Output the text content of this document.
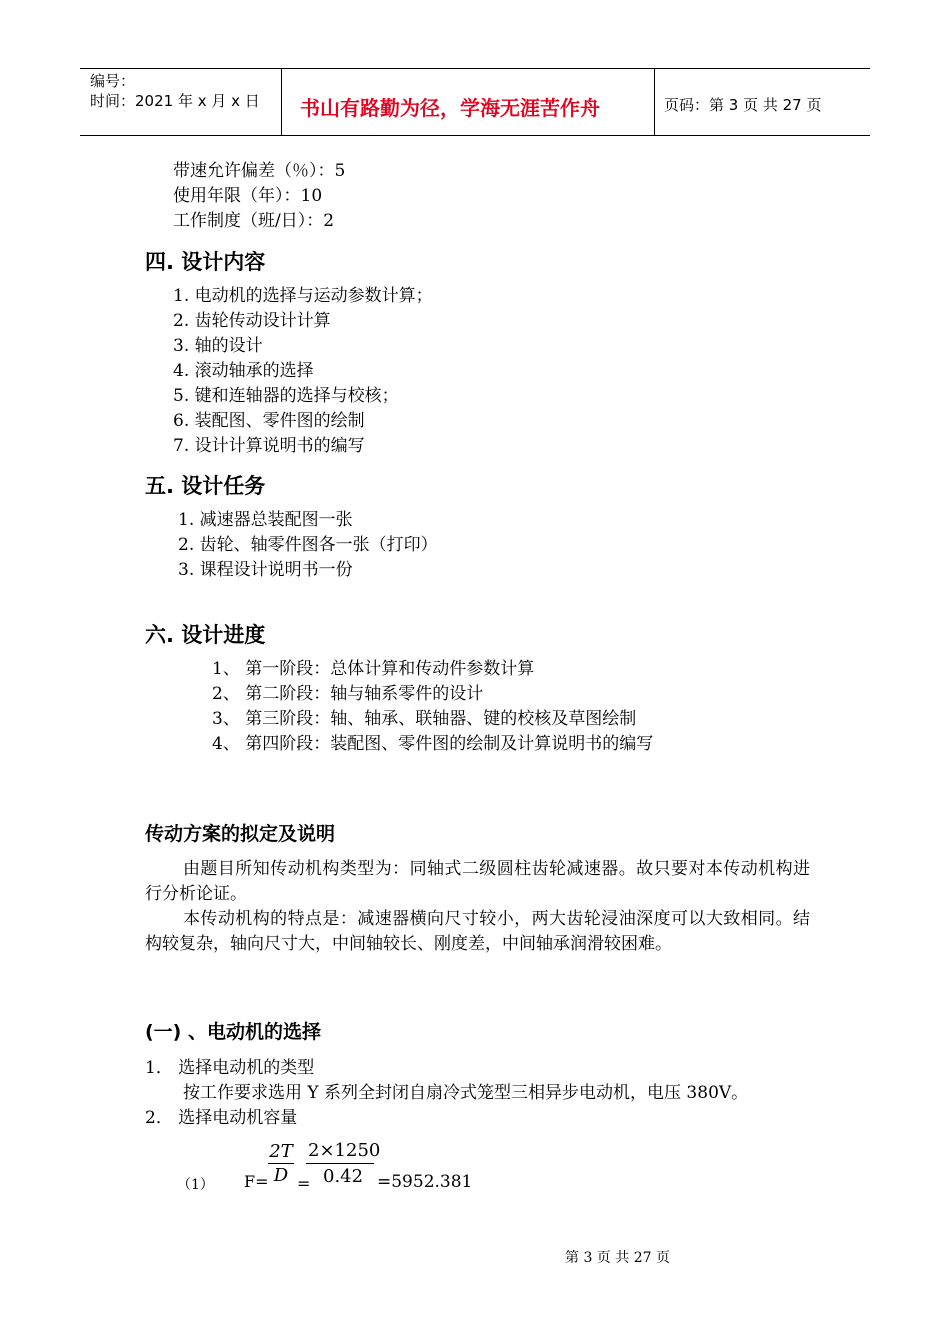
编号：
时间：2021 年 x 月 x 日 书山有路勤为径，学海无涯苦作舟	页码：第 3 页 共 27 页
带速允许偏差（％）：5
使用年限（年）：10
工作制度（班/日）：2
四. 设计内容
1. 电动机的选择与运动参数计算；
2. 齿轮传动设计计算
3. 轴的设计
4. 滚动轴承的选择
5. 键和连轴器的选择与校核；
6. 装配图、零件图的绘制
7. 设计计算说明书的编写
五. 设计任务
1. 减速器总装配图一张
2. 齿轮、轴零件图各一张（打印）
3. 课程设计说明书一份
六. 设计进度
1、 第一阶段：总体计算和传动件参数计算
2、 第二阶段：轴与轴系零件的设计
3、 第三阶段：轴、轴承、联轴器、键的校核及草图绘制
4、 第四阶段：装配图、零件图的绘制及计算说明书的编写
传动方案的拟定及说明
由题目所知传动机构类型为：同轴式二级圆柱齿轮减速器。故只要对本传动机构进行分析论证。
本传动机构的特点是：减速器横向尺寸较小，两大齿轮浸油深度可以大致相同。结构较复杂，轴向尺寸大，中间轴较长、刚度差，中间轴承润滑较困难。
(一) 、电动机的选择
1． 选择电动机的类型
按工作要求选用 Y 系列全封闭自扇冷式笼型三相异步电动机，电压 380V。
2． 选择电动机容量
（1） F=
2T
D =
2×1250
0.42 =5952.381
第 3 页 共 27 页
